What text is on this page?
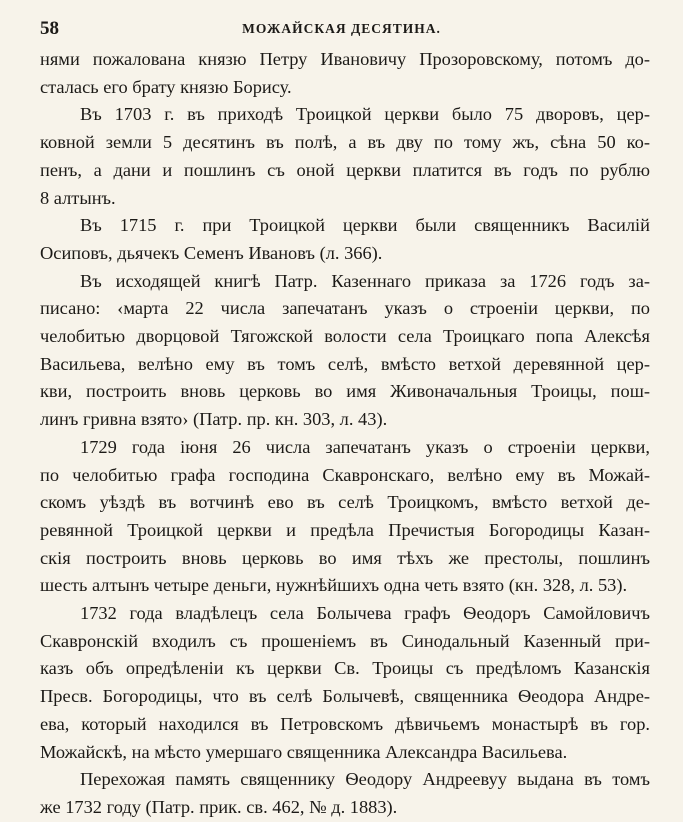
58	МОЖАЙСКАЯ ДЕСЯТИНА.
нями пожалована князю Петру Ивановичу Прозоровскому, потомъ до-
сталась его брату князю Борису.
Въ 1703 г. въ приходѣ Троицкой церкви было 75 дворовъ, цер-
ковной земли 5 десятинъ въ полѣ, а въ дву по тому жъ, сѣна 50 ко-
пенъ, а дани и пошлинъ съ оной церкви платится въ годъ по рублю
8 алтынъ.
Въ 1715 г. при Троицкой церкви были священникъ Василій
Осиповъ, дьячекъ Семенъ Ивановъ (л. 366).
Въ исходящей книгѣ Патр. Казеннаго приказа за 1726 годъ за-
писано: ‹марта 22 числа запечатанъ указъ о строеніи церкви, по
челобитью дворцовой Тягожской волости села Троицкаго попа Алексѣя
Васильева, велѣно ему въ томъ селѣ, вмѣсто ветхой деревянной цер-
кви, построить вновь церковь во имя Живоначальныя Троицы, пош-
линъ гривна взято› (Патр. пр. кн. 303, л. 43).
1729 года іюня 26 числа запечатанъ указъ о строеніи церкви,
по челобитью графа господина Скавронскаго, велѣно ему въ Можай-
скомъ уѣздѣ въ вотчинѣ ево въ селѣ Троицкомъ, вмѣсто ветхой де-
ревянной Троицкой церкви и предѣла Пречистыя Богородицы Казан-
скія построить вновь церковь во имя тѣхъ же престолы, пошлинъ
шесть алтынъ четыре деньги, нужнѣйшихъ одна четь взято (кн. 328, л. 53).
1732 года владѣлецъ села Болычева графъ Ѳеодоръ Самойловичъ
Скавронскій входилъ съ прошеніемъ въ Синодальный Казенный при-
казъ объ опредѣленіи къ церкви Св. Троицы съ предѣломъ Казанскія
Пресв. Богородицы, что въ селѣ Болычевѣ, священника Ѳеодора Андре-
ева, который находился въ Петровскомъ дѣвичьемъ монастырѣ въ гор.
Можайскѣ, на мѣсто умершаго священника Александра Васильева.
Перехожая память священнику Ѳеодору Андреевуу выдана въ томъ
же 1732 году (Патр. прик. св. 462, № д. 1883).
